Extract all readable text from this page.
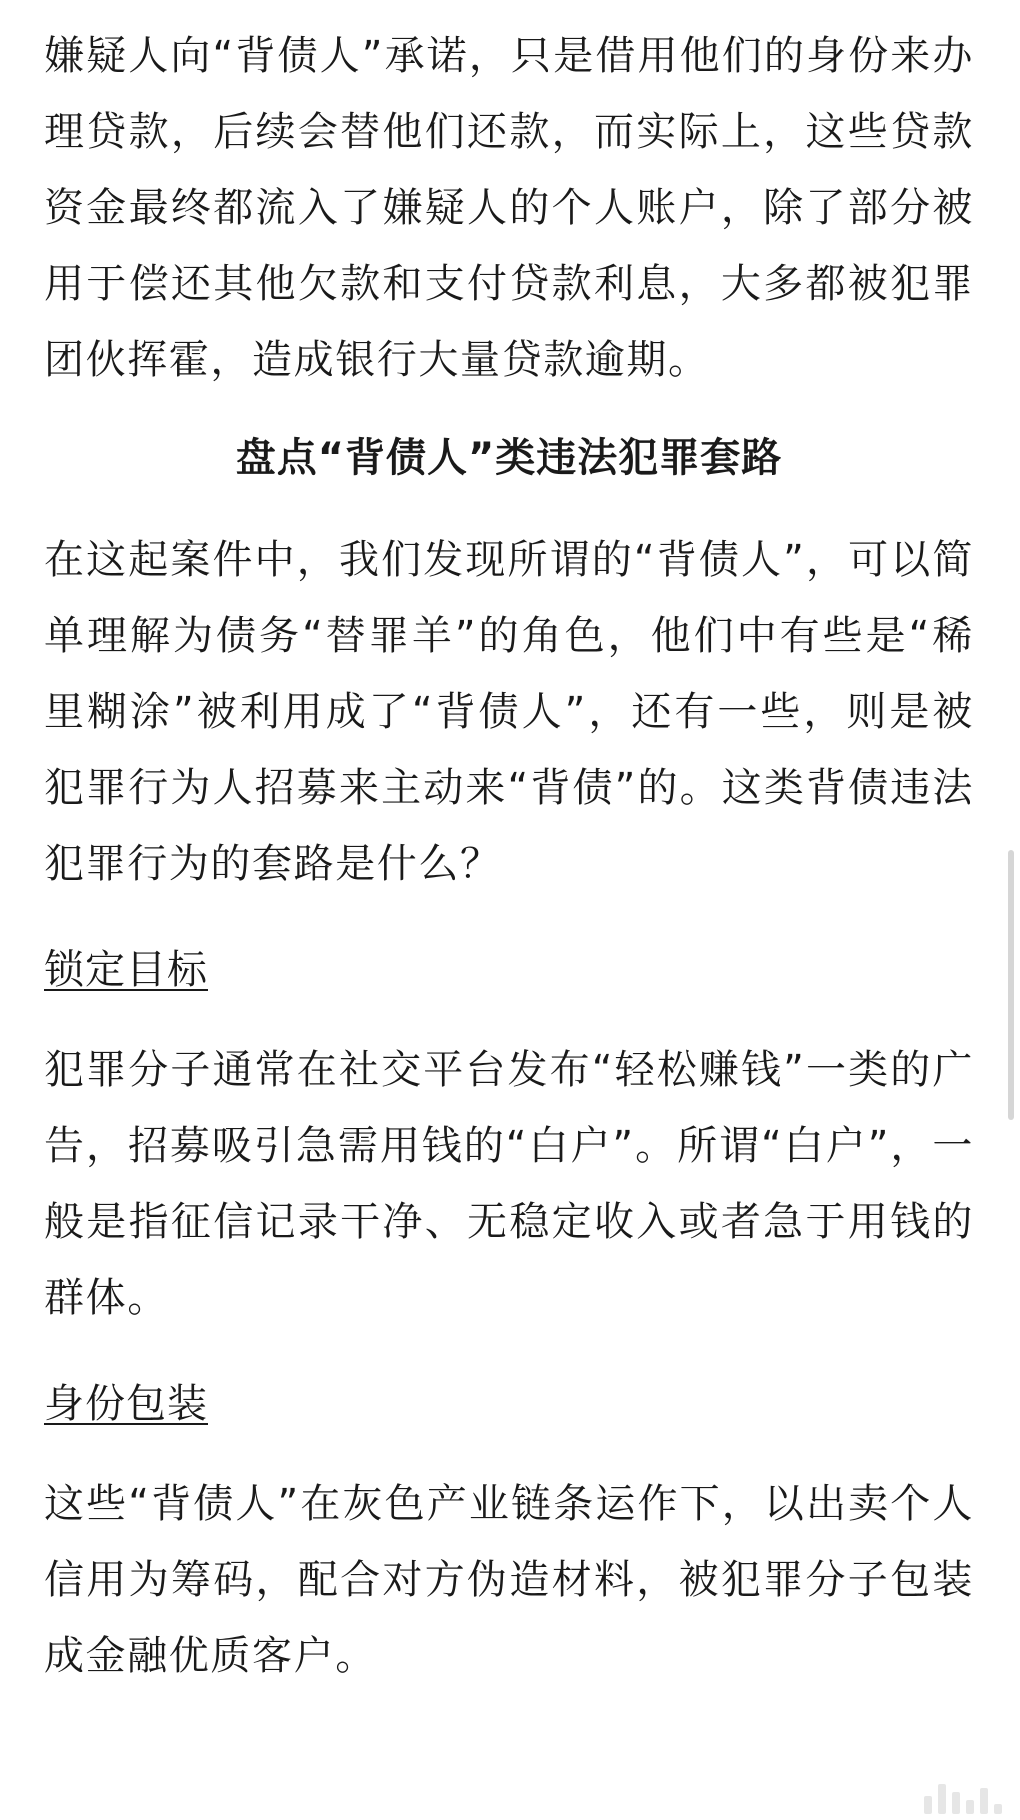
嫌疑人向“背债人”承诺，只是借用他们的身份来办理贷款，后续会替他们还款，而实际上，这些贷款资金最终都流入了嫌疑人的个人账户，除了部分被用于偿还其他欠款和支付贷款利息，大多都被犯罪团伙挥霍，造成银行大量贷款逾期。

盘点“背债人”类违法犯罪套路

在这起案件中，我们发现所谓的“背债人”，可以简单理解为债务“替罪羊”的角色，他们中有些是“稀里糊涂”被利用成了“背债人”，还有一些，则是被犯罪行为人招募来主动来“背债”的。这类背债违法犯罪行为的套路是什么？

锁定目标

犯罪分子通常在社交平台发布“轻松赚钱”一类的广告，招募吸引急需用钱的“白户”。所谓“白户”，一般是指征信记录干净、无稳定收入或者急于用钱的群体。

身份包装

这些“背债人”在灰色产业链条运作下，以出卖个人信用为筹码，配合对方伪造材料，被犯罪分子包装成金融优质客户。
